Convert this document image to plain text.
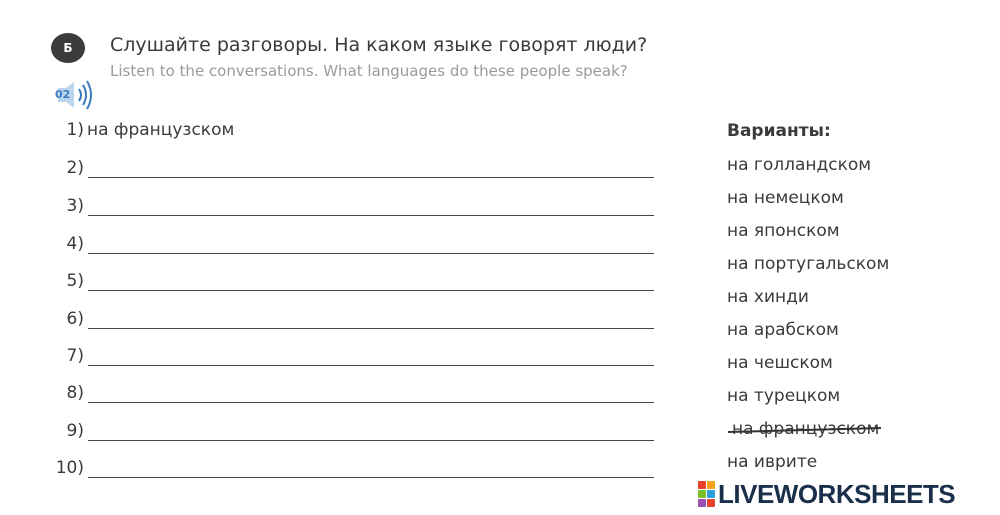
Б	Слушайте разговоры. На каком языке говорят люди?
Listen to the conversations. What languages do these people speak?
02
1) на французском
2)
3)
4)
5)
6)
7)
8)
9)
10)
Варианты:
на голландском
на немецком
на японском
на португальском
на хинди
на арабском
на чешском
на турецком
на французском
на иврите
LIVEWORKSHEETS
